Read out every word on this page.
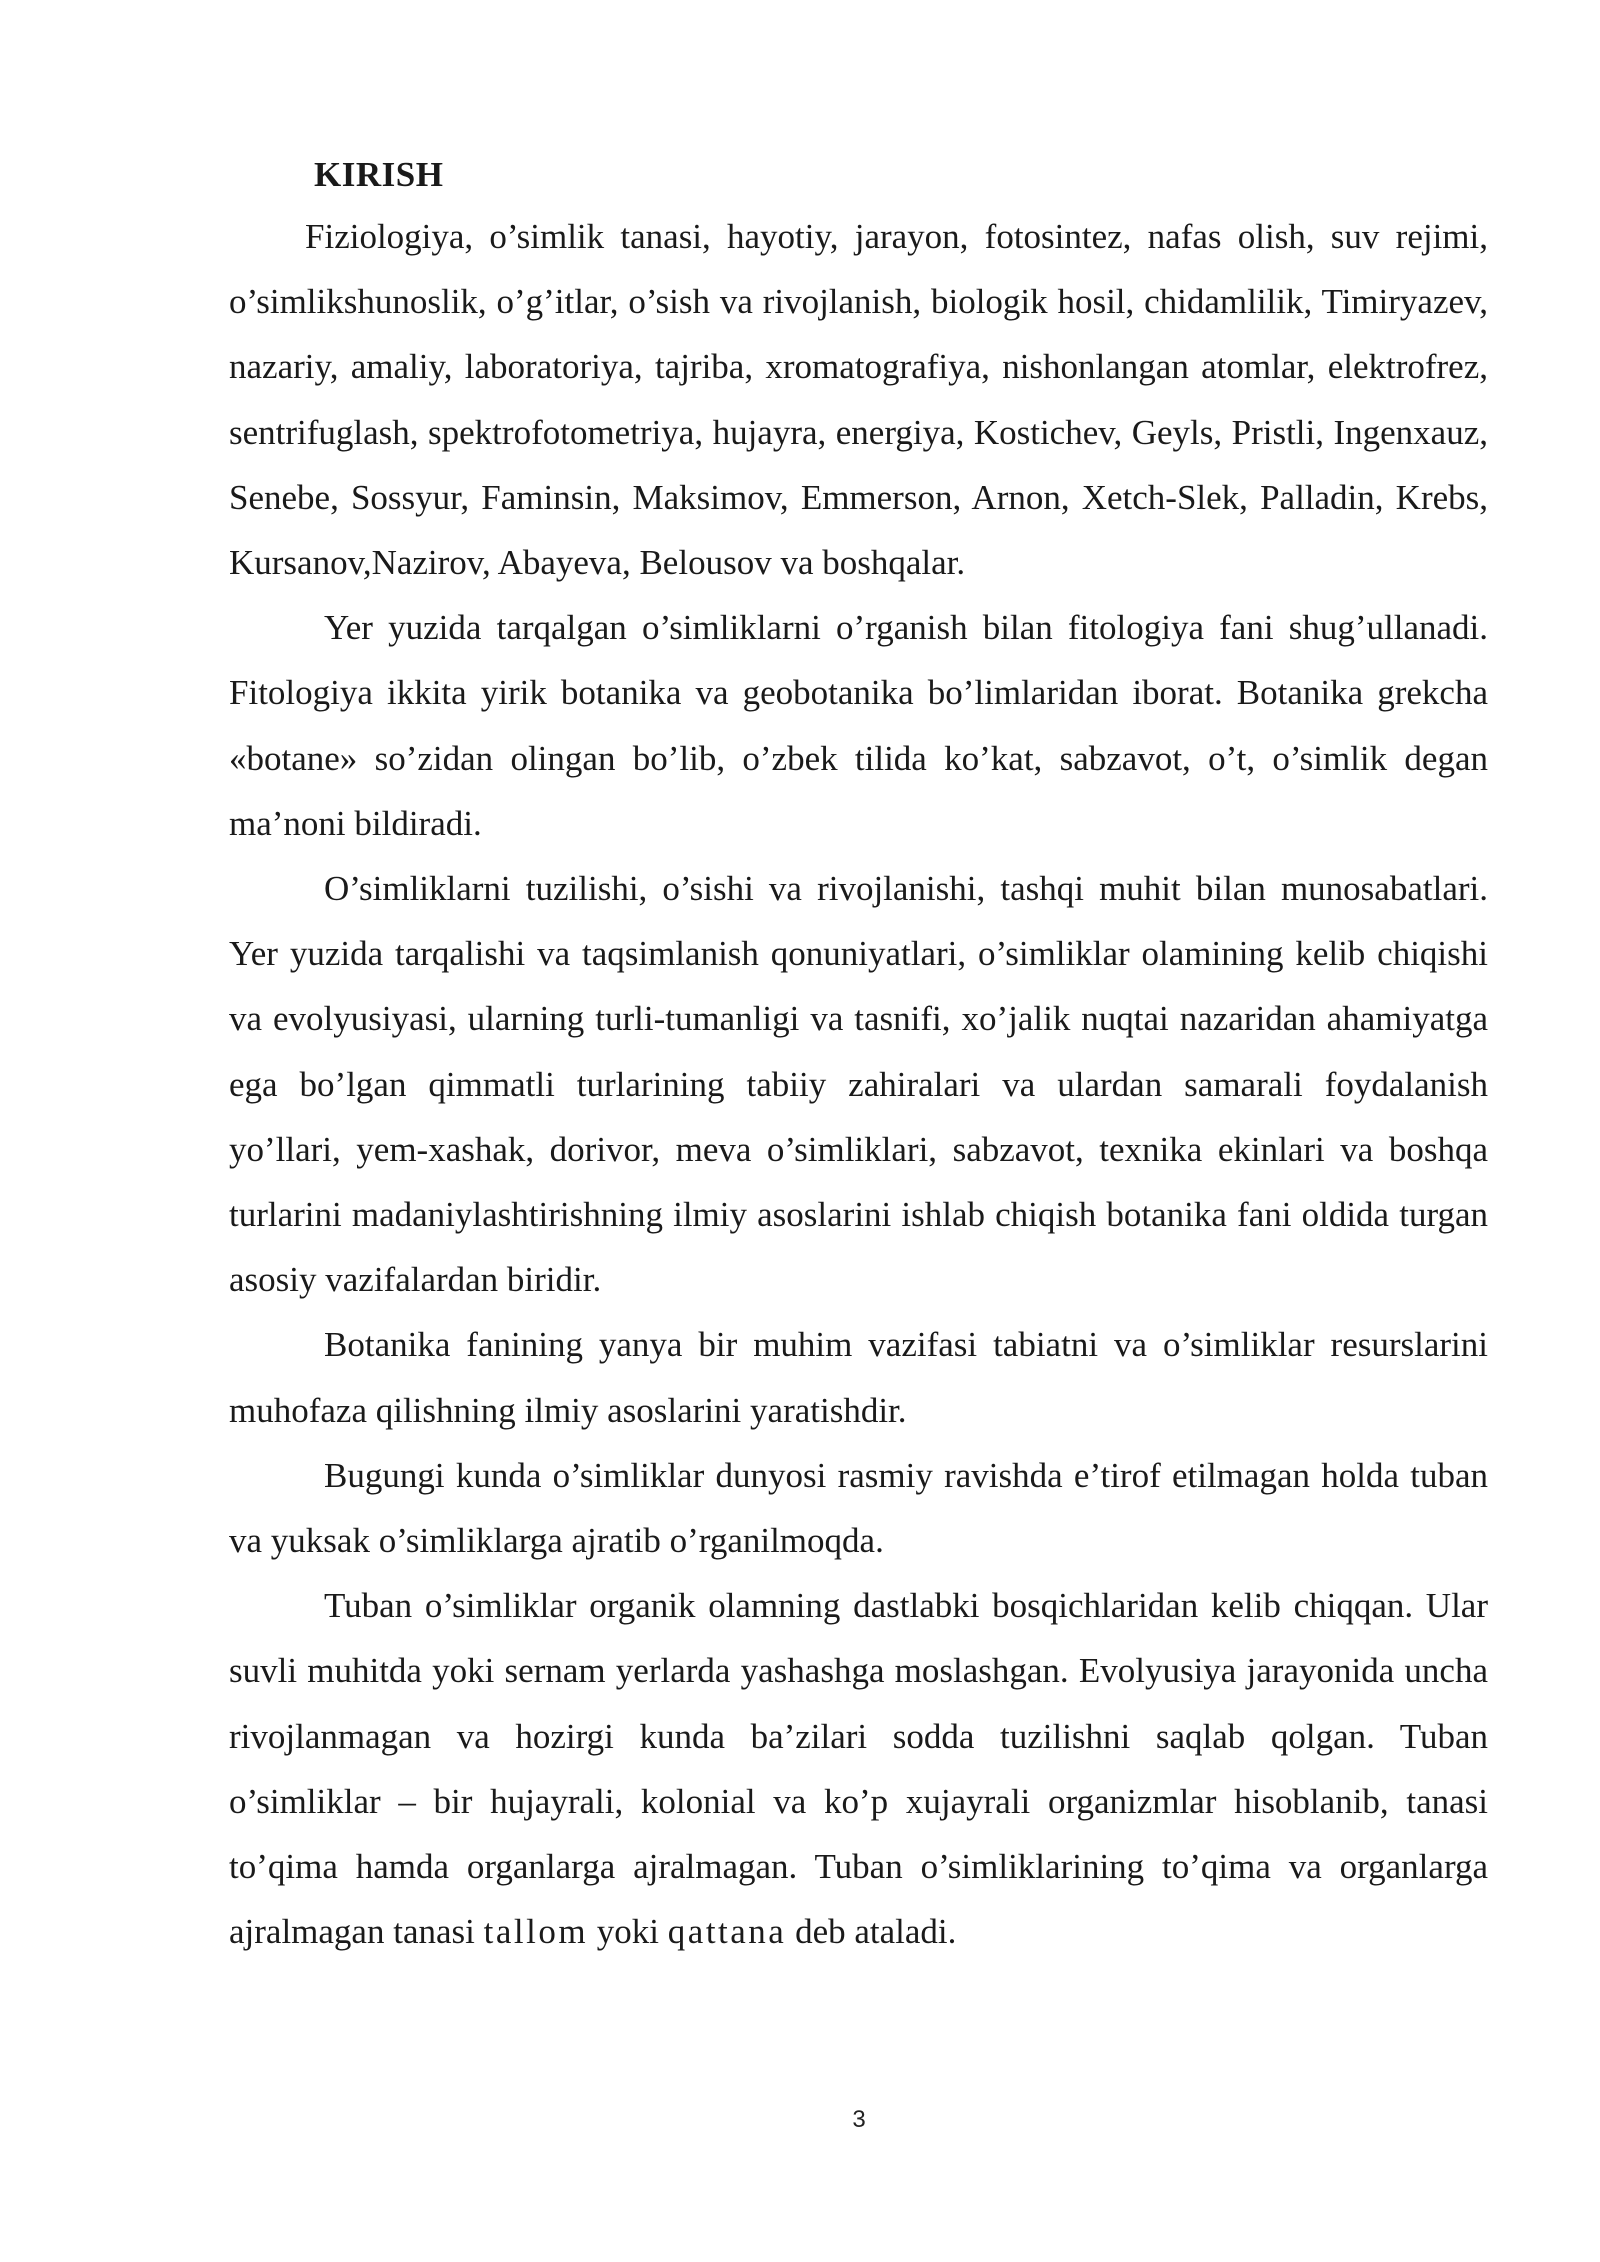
KIRISH

Fiziologiya, o’simlik tanasi, hayotiy, jarayon, fotosintez, nafas olish, suv rejimi, o’simlikshunoslik, o’g’itlar, o’sish va rivojlanish, biologik hosil, chidamlilik, Timiryazev, nazariy, amaliy, laboratoriya, tajriba, xromatografiya, nishonlangan atomlar, elektrofrez, sentrifuglash, spektrofotometriya, hujayra, energiya, Kostichev, Geyls, Pristli, Ingenxauz, Senebe, Sossyur, Faminsin, Maksimov, Emmerson, Arnon, Xetch-Slek, Palladin, Krebs, Kursanov,Nazirov, Abayeva, Belousov va boshqalar.

Yer yuzida tarqalgan o’simliklarni o’rganish bilan fitologiya fani shug’ullanadi. Fitologiya ikkita yirik botanika va geobotanika bo’limlaridan iborat. Botanika grekcha «botane» so’zidan olingan bo’lib, o’zbek tilida ko’kat, sabzavot, o’t, o’simlik degan ma’noni bildiradi.

O’simliklarni tuzilishi, o’sishi va rivojlanishi, tashqi muhit bilan munosabatlari. Yer yuzida tarqalishi va taqsimlanish qonuniyatlari, o’simliklar olamining kelib chiqishi va evolyusiyasi, ularning turli-tumanligi va tasnifi, xo’jalik nuqtai nazaridan ahamiyatga ega bo’lgan qimmatli turlarining tabiiy zahiralari va ulardan samarali foydalanish yo’llari, yem-xashak, dorivor, meva o’simliklari, sabzavot, texnika ekinlari va boshqa turlarini madaniylashtirishning ilmiy asoslarini ishlab chiqish botanika fani oldida turgan asosiy vazifalardan biridir.

Botanika fanining yanya bir muhim vazifasi tabiatni va o’simliklar resurslarini muhofaza qilishning ilmiy asoslarini yaratishdir.

Bugungi kunda o’simliklar dunyosi rasmiy ravishda e’tirof etilmagan holda tuban va yuksak o’simliklarga ajratib o’rganilmoqda.

Tuban o’simliklar organik olamning dastlabki bosqichlaridan kelib chiqqan. Ular suvli muhitda yoki sernam yerlarda yashashga moslashgan. Evolyusiya jarayonida uncha rivojlanmagan va hozirgi kunda ba’zilari sodda tuzilishni saqlab qolgan. Tuban o’simliklar – bir hujayrali, kolonial va ko’p xujayrali organizmlar hisoblanib, tanasi to’qima hamda organlarga ajralmagan. Tuban o’simliklarining to’qima va organlarga ajralmagan tanasi tallom yoki qattana deb ataladi.

3
